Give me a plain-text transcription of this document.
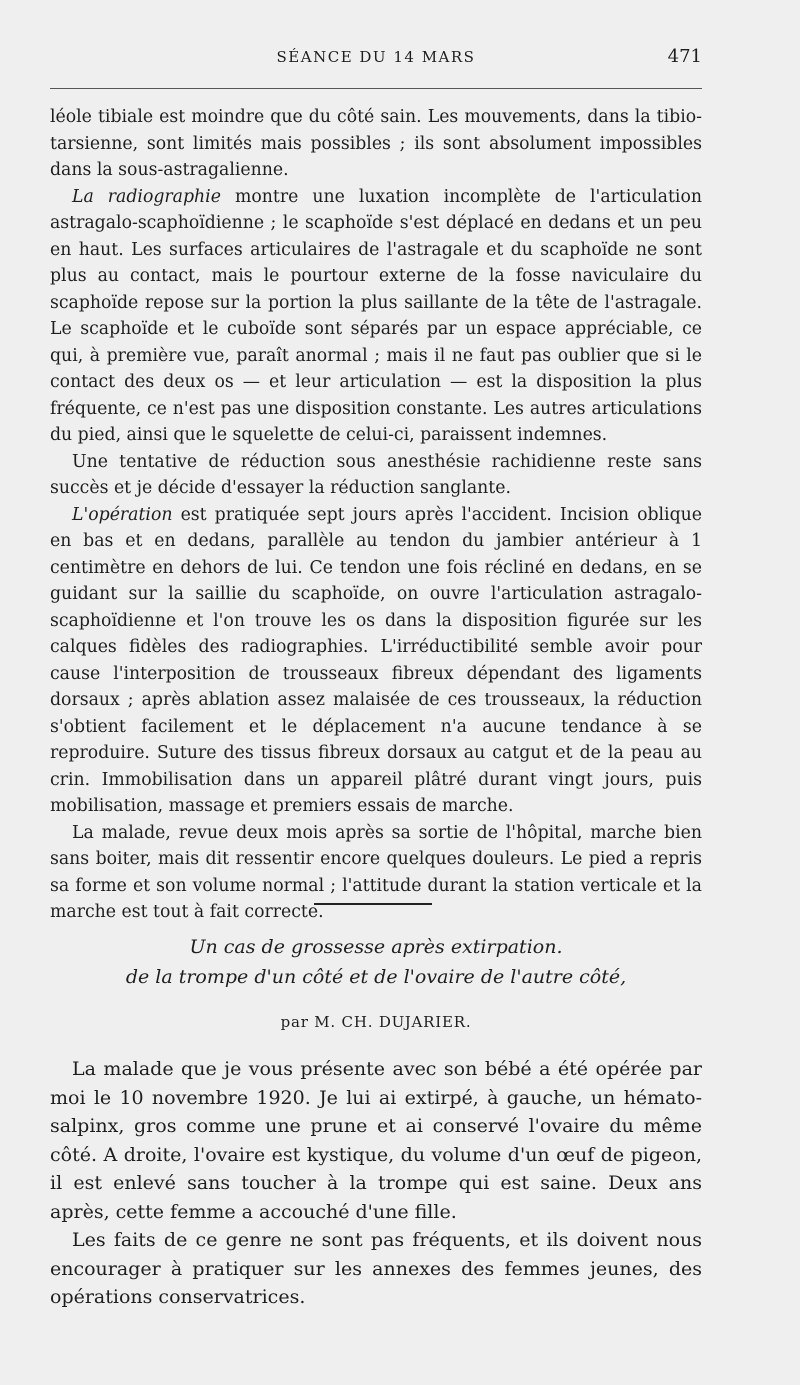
SÉANCE DU 14 MARS	471

léole tibiale est moindre que du côté sain. Les mouvements, dans la tibio-tarsienne, sont limités mais possibles ; ils sont absolument impossibles dans la sous-astragalienne.

La radiographie montre une luxation incomplète de l'articulation astragalo-scaphoïdienne ; le scaphoïde s'est déplacé en dedans et un peu en haut. Les surfaces articulaires de l'astragale et du scaphoïde ne sont plus au contact, mais le pourtour externe de la fosse naviculaire du scaphoïde repose sur la portion la plus saillante de la tête de l'astragale. Le scaphoïde et le cuboïde sont séparés par un espace appréciable, ce qui, à première vue, paraît anormal ; mais il ne faut pas oublier que si le contact des deux os — et leur articulation — est la disposition la plus fréquente, ce n'est pas une disposition constante. Les autres articulations du pied, ainsi que le squelette de celui-ci, paraissent indemnes.

Une tentative de réduction sous anesthésie rachidienne reste sans succès et je décide d'essayer la réduction sanglante.

L'opération est pratiquée sept jours après l'accident. Incision oblique en bas et en dedans, parallèle au tendon du jambier antérieur à 1 centimètre en dehors de lui. Ce tendon une fois récliné en dedans, en se guidant sur la saillie du scaphoïde, on ouvre l'articulation astragalo-scaphoïdienne et l'on trouve les os dans la disposition figurée sur les calques fidèles des radiographies. L'irréductibilité semble avoir pour cause l'interposition de trousseaux fibreux dépendant des ligaments dorsaux ; après ablation assez malaisée de ces trousseaux, la réduction s'obtient facilement et le déplacement n'a aucune tendance à se reproduire. Suture des tissus fibreux dorsaux au catgut et de la peau au crin. Immobilisation dans un appareil plâtré durant vingt jours, puis mobilisation, massage et premiers essais de marche.

La malade, revue deux mois après sa sortie de l'hôpital, marche bien sans boiter, mais dit ressentir encore quelques douleurs. Le pied a repris sa forme et son volume normal ; l'attitude durant la station verticale et la marche est tout à fait correcte.

Un cas de grossesse après extirpation.
de la trompe d'un côté et de l'ovaire de l'autre côté,
par M. CH. DUJARIER.

La malade que je vous présente avec son bébé a été opérée par moi le 10 novembre 1920. Je lui ai extirpé, à gauche, un hémato-salpinx, gros comme une prune et ai conservé l'ovaire du même côté. A droite, l'ovaire est kystique, du volume d'un œuf de pigeon, il est enlevé sans toucher à la trompe qui est saine. Deux ans après, cette femme a accouché d'une fille.

Les faits de ce genre ne sont pas fréquents, et ils doivent nous encourager à pratiquer sur les annexes des femmes jeunes, des opérations conservatrices.
